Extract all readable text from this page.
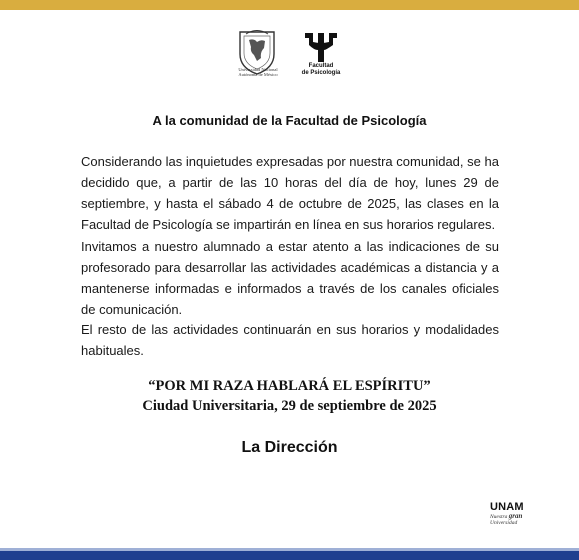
Universidad Nacional
Autónoma de México
Facultad
de Psicología
A la comunidad de la Facultad de Psicología
Considerando las inquietudes expresadas por nuestra comunidad, se ha decidido que, a partir de las 10 horas del día de hoy, lunes 29 de septiembre, y hasta el sábado 4 de octubre de 2025, las clases en la Facultad de Psicología se impartirán en línea en sus horarios regulares.
Invitamos a nuestro alumnado a estar atento a las indicaciones de su profesorado para desarrollar las actividades académicas a distancia y a mantenerse informadas e informados a través de los canales oficiales de comunicación.
El resto de las actividades continuarán en sus horarios y modalidades habituales.
“POR MI RAZA HABLARÁ EL ESPÍRITU”
Ciudad Universitaria, 29 de septiembre de 2025
La Dirección
UNAM
Nuestra gran
Universidad
